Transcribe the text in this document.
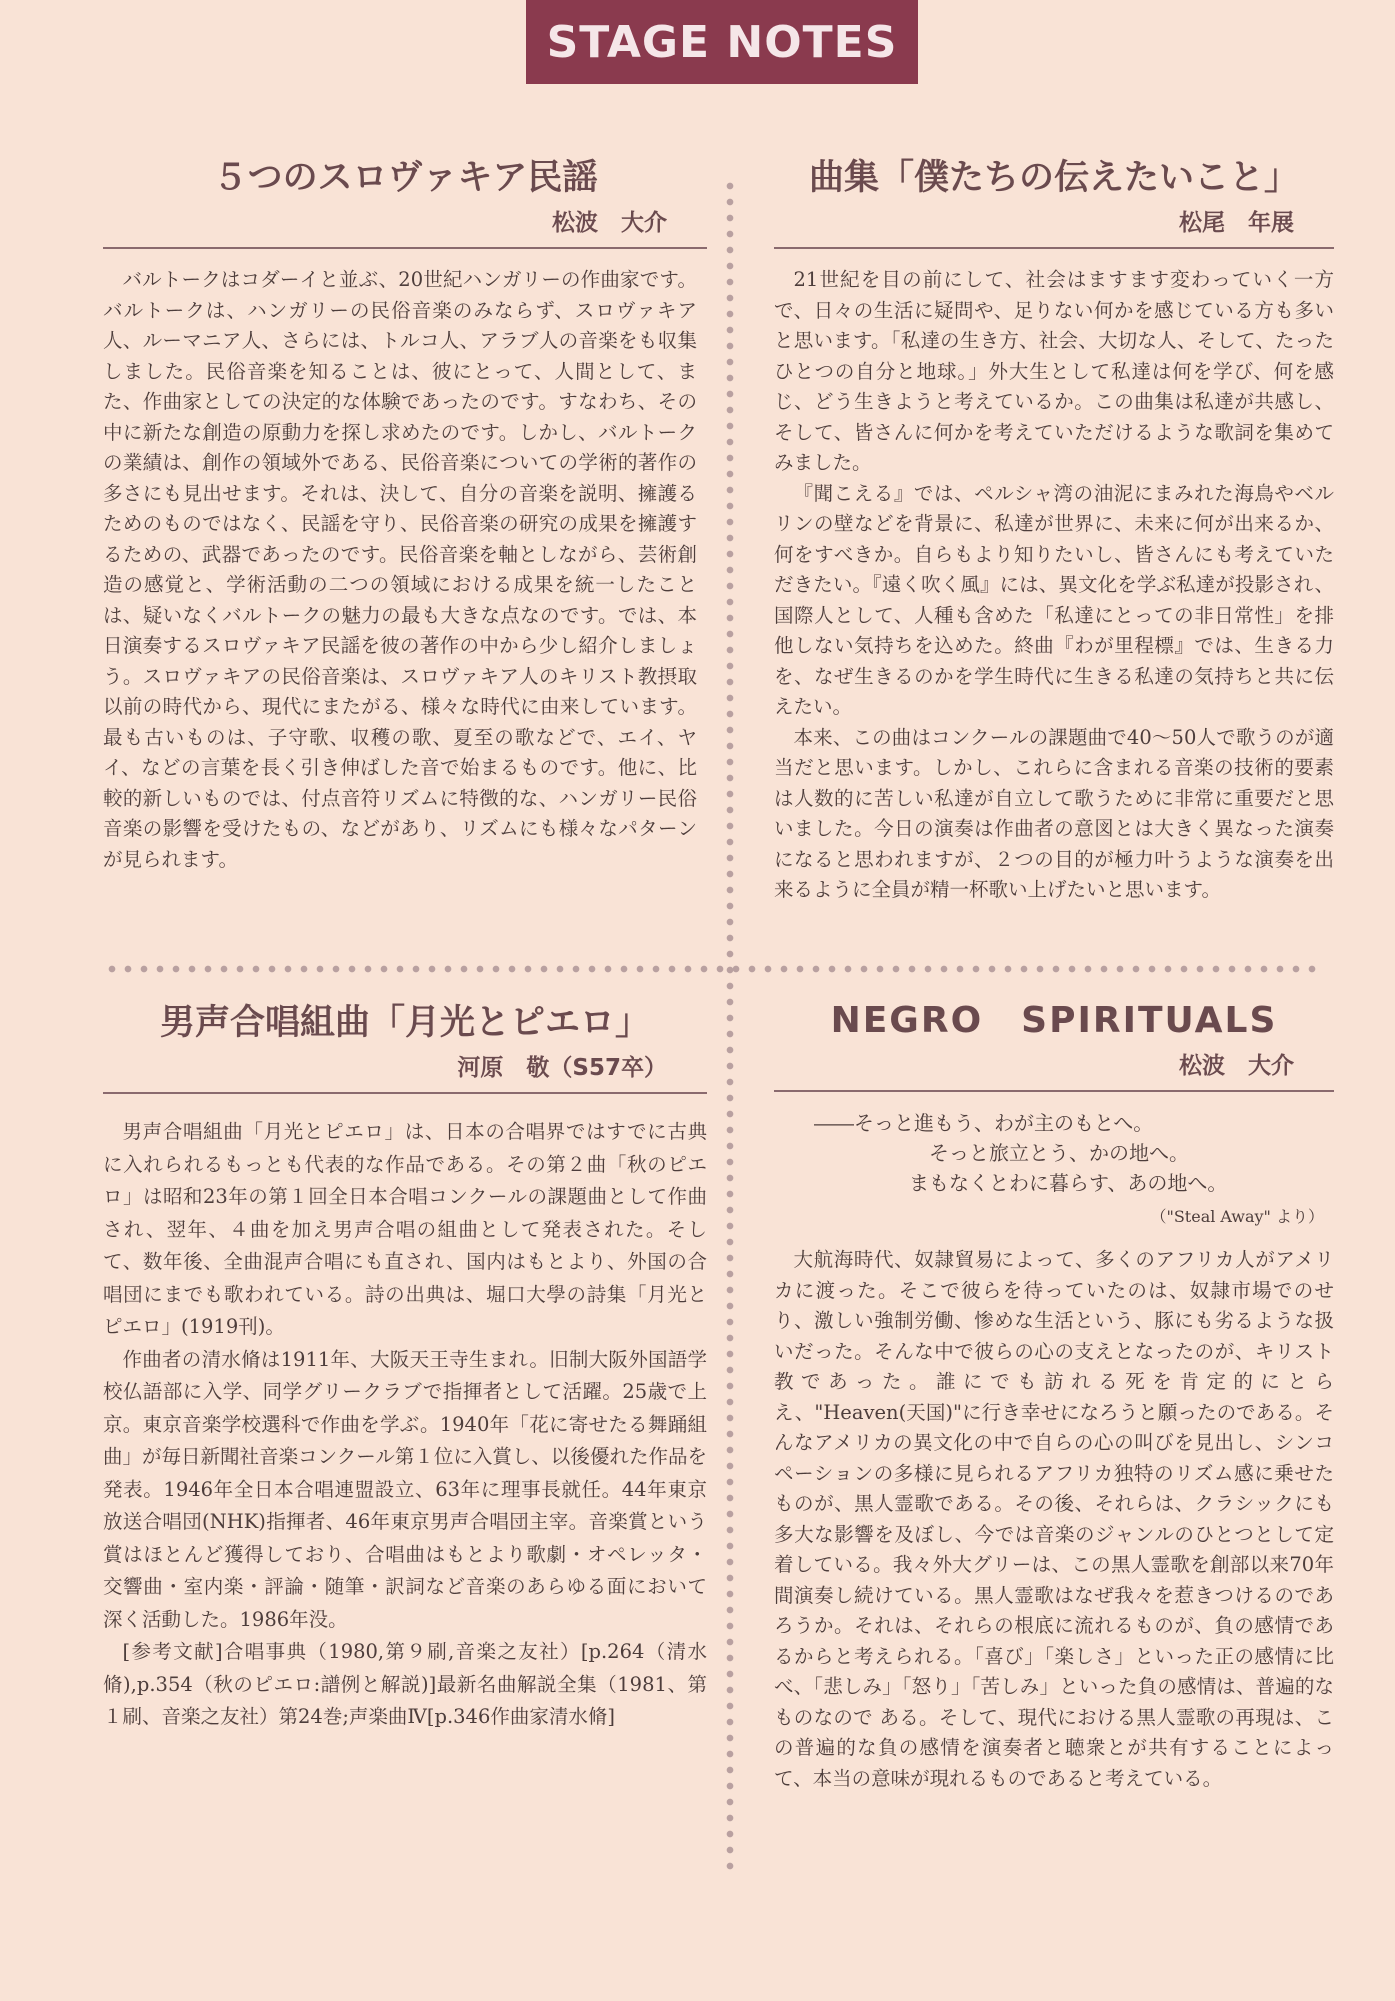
STAGE NOTES
５つのスロヴァキア民謡
松波　大介

バルトークはコダーイと並ぶ、20世紀ハンガリーの作曲家です。バルトークは、ハンガリーの民俗音楽のみならず、スロヴァキア人、ルーマニア人、さらには、トルコ人、アラブ人の音楽をも収集しました。民俗音楽を知ることは、彼にとって、人間として、また、作曲家としての決定的な体験であったのです。すなわち、その中に新たな創造の原動力を探し求めたのです。しかし、バルトークの業績は、創作の領域外である、民俗音楽についての学術的著作の多さにも見出せます。それは、決して、自分の音楽を説明、擁護るためのものではなく、民謡を守り、民俗音楽の研究の成果を擁護するための、武器であったのです。民俗音楽を軸としながら、芸術創造の感覚と、学術活動の二つの領域における成果を統一したことは、疑いなくバルトークの魅力の最も大きな点なのです。では、本日演奏するスロヴァキア民謡を彼の著作の中から少し紹介しましょう。スロヴァキアの民俗音楽は、スロヴァキア人のキリスト教摂取以前の時代から、現代にまたがる、様々な時代に由来しています。最も古いものは、子守歌、収穫の歌、夏至の歌などで、エイ、ヤイ、などの言葉を長く引き伸ばした音で始まるものです。他に、比較的新しいものでは、付点音符リズムに特徴的な、ハンガリー民俗音楽の影響を受けたもの、などがあり、リズムにも様々なパターンが見られます。

曲集「僕たちの伝えたいこと」
松尾　年展

21世紀を目の前にして、社会はますます変わっていく一方で、日々の生活に疑問や、足りない何かを感じている方も多いと思います。「私達の生き方、社会、大切な人、そして、たったひとつの自分と地球。」外大生として私達は何を学び、何を感じ、どう生きようと考えているか。この曲集は私達が共感し、そして、皆さんに何かを考えていただけるような歌詞を集めてみました。

『聞こえる』では、ペルシャ湾の油泥にまみれた海鳥やベルリンの壁などを背景に、私達が世界に、未来に何が出来るか、何をすべきか。自らもより知りたいし、皆さんにも考えていただきたい。『遠く吹く風』には、異文化を学ぶ私達が投影され、国際人として、人種も含めた「私達にとっての非日常性」を排他しない気持ちを込めた。終曲『わが里程標』では、生きる力を、なぜ生きるのかを学生時代に生きる私達の気持ちと共に伝えたい。

本来、この曲はコンクールの課題曲で40〜50人で歌うのが適当だと思います。しかし、これらに含まれる音楽の技術的要素は人数的に苦しい私達が自立して歌うために非常に重要だと思いました。今日の演奏は作曲者の意図とは大きく異なった演奏になると思われますが、２つの目的が極力叶うような演奏を出来るように全員が精一杯歌い上げたいと思います。

男声合唱組曲「月光とピエロ」
河原　敬（S57卒）

男声合唱組曲「月光とピエロ」は、日本の合唱界ではすでに古典に入れられるもっとも代表的な作品である。その第２曲「秋のピエロ」は昭和23年の第１回全日本合唱コンクールの課題曲として作曲され、翌年、４曲を加え男声合唱の組曲として発表された。そして、数年後、全曲混声合唱にも直され、国内はもとより、外国の合唱団にまでも歌われている。詩の出典は、堀口大學の詩集「月光とピエロ」(1919刊)。

作曲者の清水脩は1911年、大阪天王寺生まれ。旧制大阪外国語学校仏語部に入学、同学グリークラブで指揮者として活躍。25歳で上京。東京音楽学校選科で作曲を学ぶ。1940年「花に寄せたる舞踊組曲」が毎日新聞社音楽コンクール第１位に入賞し、以後優れた作品を発表。1946年全日本合唱連盟設立、63年に理事長就任。44年東京放送合唱団(NHK)指揮者、46年東京男声合唱団主宰。音楽賞という賞はほとんど獲得しており、合唱曲はもとより歌劇・オペレッタ・交響曲・室内楽・評論・随筆・訳詞など音楽のあらゆる面において深く活動した。1986年没。

[参考文献]合唱事典（1980,第９刷,音楽之友社）[p.264（清水脩),p.354（秋のピエロ:譜例と解説)]最新名曲解説全集（1981、第１刷、音楽之友社）第24巻;声楽曲Ⅳ[p.346作曲家清水脩]

NEGRO　SPIRITUALS
松波　大介
――そっと進もう、わが主のもとへ。
そっと旅立とう、かの地へ。
まもなくとわに暮らす、あの地へ。
（"Steal Away" より）

大航海時代、奴隷貿易によって、多くのアフリカ人がアメリカに渡った。そこで彼らを待っていたのは、奴隷市場でのせり、激しい強制労働、惨めな生活という、豚にも劣るような扱いだった。そんな中で彼らの心の支えとなったのが、キリスト教であった。誰にでも訪れる死を肯定的にとらえ、"Heaven(天国)"に行き幸せになろうと願ったのである。そんなアメリカの異文化の中で自らの心の叫びを見出し、シンコペーションの多様に見られるアフリカ独特のリズム感に乗せたものが、黒人霊歌である。その後、それらは、クラシックにも多大な影響を及ぼし、今では音楽のジャンルのひとつとして定着している。我々外大グリーは、この黒人霊歌を創部以来70年間演奏し続けている。黒人霊歌はなぜ我々を惹きつけるのであろうか。それは、それらの根底に流れるものが、負の感情であるからと考えられる。「喜び」「楽しさ」といった正の感情に比べ、「悲しみ」「怒り」「苦しみ」といった負の感情は、普遍的なものなので ある。そして、現代における黒人霊歌の再現は、この普遍的な負の感情を演奏者と聴衆とが共有することによって、本当の意味が現れるものであると考えている。
